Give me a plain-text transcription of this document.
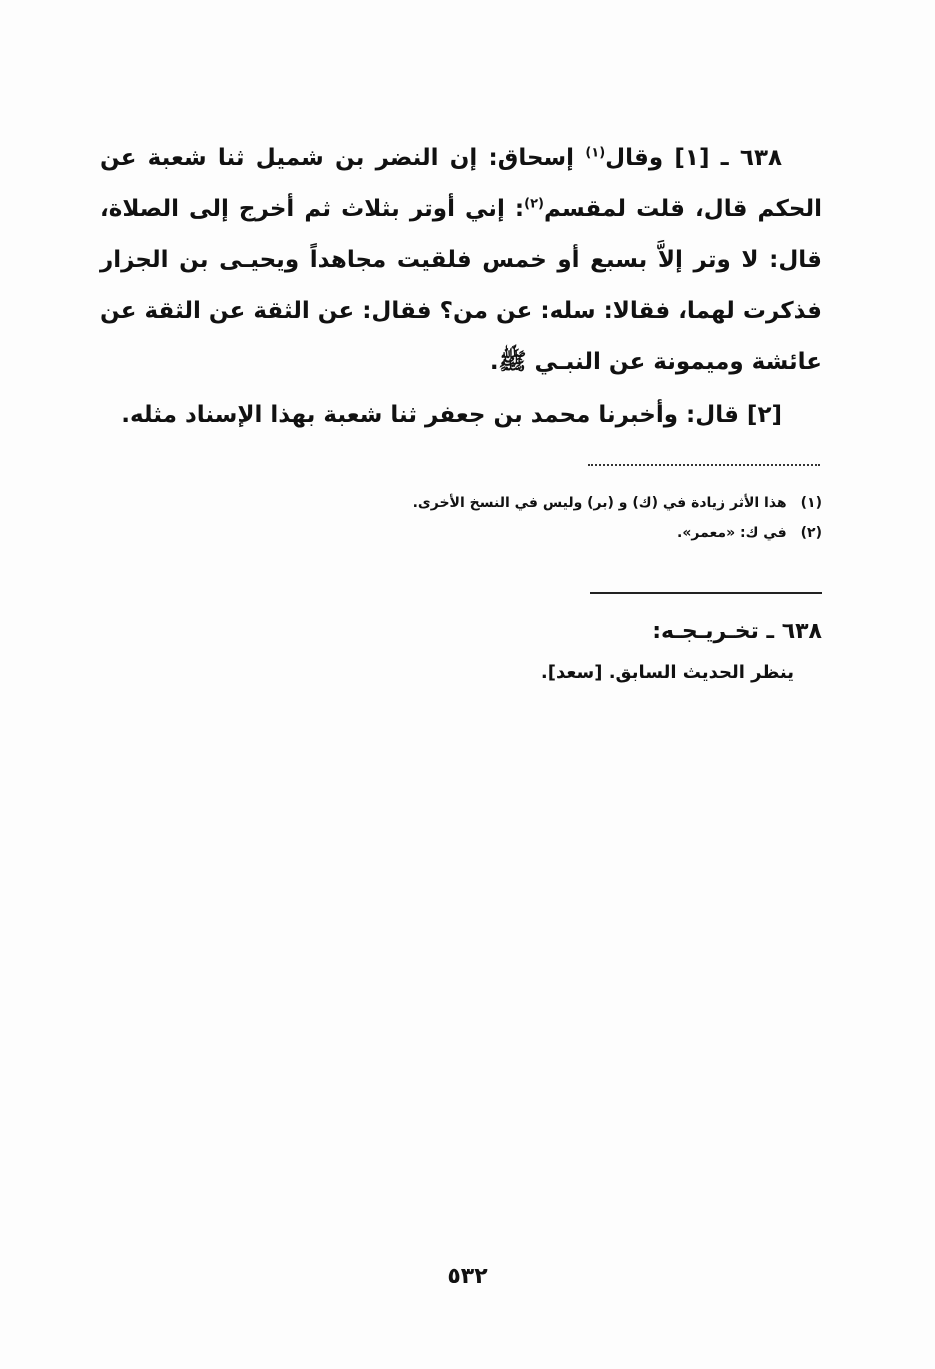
٦٣٨ ـ [١] وقال$^{(١)}$ إسحاق: إن النضر بن شميل ثنا شعبة عن الحكم قال، قلت لمقسم$^{(٢)}$: إني أوتر بثلاث ثم أخرج إلى الصلاة، قال: لا وتر إلاَّ بسبع أو خمس فلقيت مجاهداً ويحيـى بن الجزار فذكرت لهما، فقالا: سله: عن من؟ فقال: عن الثقة عن الثقة عن عائشة وميمونة عن النبـي ﷺ.

[٢] قال: وأخبرنا محمد بن جعفر ثنا شعبة بهذا الإسناد مثله.

(١)هذا الأثر زيادة في (ك) و (بر) وليس في النسخ الأخرى.

(٢)في ك: «معمر».

٦٣٨ ـ تخـريـجـه:

ينظر الحديث السابق. [سعد].

٥٣٢
